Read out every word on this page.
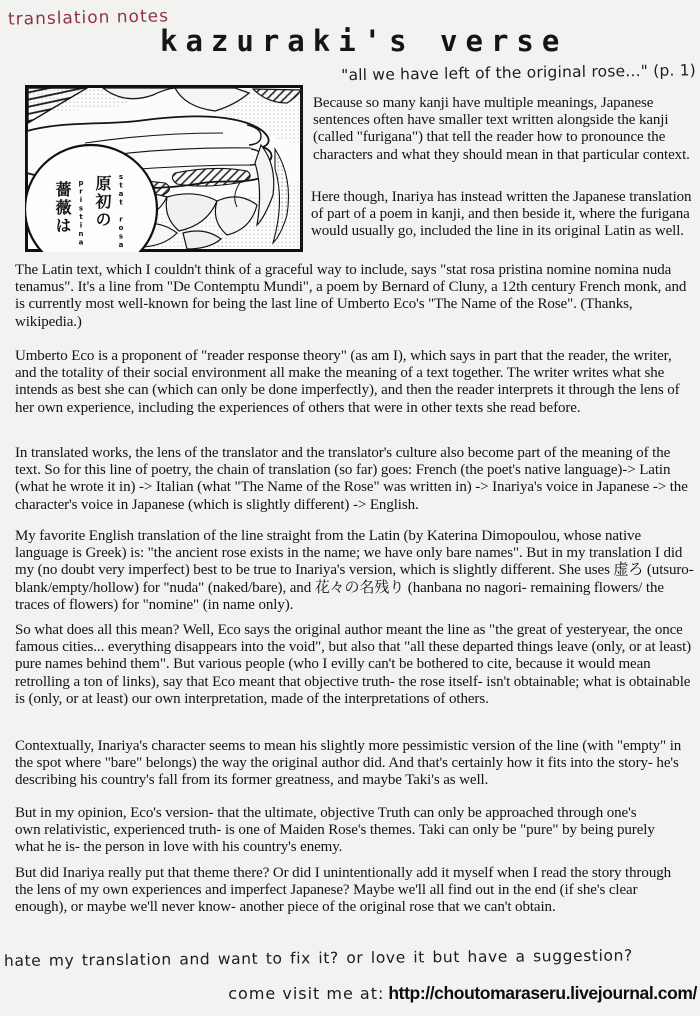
translation notes
kazuraki's verse
"all we have left of the original rose..." (p. 1)
stat rosa
原初の
pristina
薔薇は
Because so many kanji have multiple meanings, Japanese sentences often have smaller text written alongside the kanji (called "furigana") that tell the reader how to pronounce the characters and what they should mean in that particular context.
Here though, Inariya has instead written the Japanese translation of part of a poem in kanji, and then beside it, where the furigana would usually go, included the line in its original Latin as well.
The Latin text, which I couldn't think of a graceful way to include, says "stat rosa pristina nomine nomina nuda tenamus". It's a line from "De Contemptu Mundi", a poem by Bernard of Cluny, a 12th century French monk, and is currently most well-known for being the last line of Umberto Eco's "The Name of the Rose". (Thanks, wikipedia.)
Umberto Eco is a proponent of "reader response theory" (as am I), which says in part that the reader, the writer, and the totality of their social environment all make the meaning of a text together. The writer writes what she intends as best she can (which can only be done imperfectly), and then the reader interprets it through the lens of her own experience, including the experiences of others that were in other texts she read before.
In translated works, the lens of the translator and the translator's culture also become part of the meaning of the text. So for this line of poetry, the chain of translation (so far) goes: French (the poet's native language)-> Latin (what he wrote it in) -> Italian (what "The Name of the Rose" was written in) -> Inariya's voice in Japanese -> the character's voice in Japanese (which is slightly different) -> English.
My favorite English translation of the line straight from the Latin (by Katerina Dimopoulou, whose native language is Greek) is: "the ancient rose exists in the name; we have only bare names". But in my translation I did my (no doubt very imperfect) best to be true to Inariya's version, which is slightly different. She uses 虚ろ (utsuro- blank/empty/hollow) for "nuda" (naked/bare), and 花々の名残り (hanbana no nagori- remaining flowers/ the traces of flowers) for "nomine" (in name only).
So what does all this mean? Well, Eco says the original author meant the line as "the great of yesteryear, the once famous cities... everything disappears into the void", but also that "all these departed things leave (only, or at least) pure names behind them". But various people (who I evilly can't be bothered to cite, because it would mean retrolling a ton of links), say that Eco meant that objective truth- the rose itself- isn't obtainable; what is obtainable is (only, or at least) our own interpretation, made of the interpretations of others.
Contextually, Inariya's character seems to mean his slightly more pessimistic version of the line (with "empty" in the spot where "bare" belongs) the way the original author did. And that's certainly how it fits into the story- he's describing his country's fall from its former greatness, and maybe Taki's as well.
But in my opinion, Eco's version- that the ultimate, objective Truth can only be approached through one's own relativistic, experienced truth- is one of Maiden Rose's themes. Taki can only be "pure" by being purely what he is- the person in love with his country's enemy.
But did Inariya really put that theme there? Or did I unintentionally add it myself when I read the story through the lens of my own experiences and imperfect Japanese? Maybe we'll all find out in the end (if she's clear enough), or maybe we'll never know- another piece of the original rose that we can't obtain.
hate my translation and want to fix it? or love it but have a suggestion?
come visit me at: http://choutomaraseru.livejournal.com/
